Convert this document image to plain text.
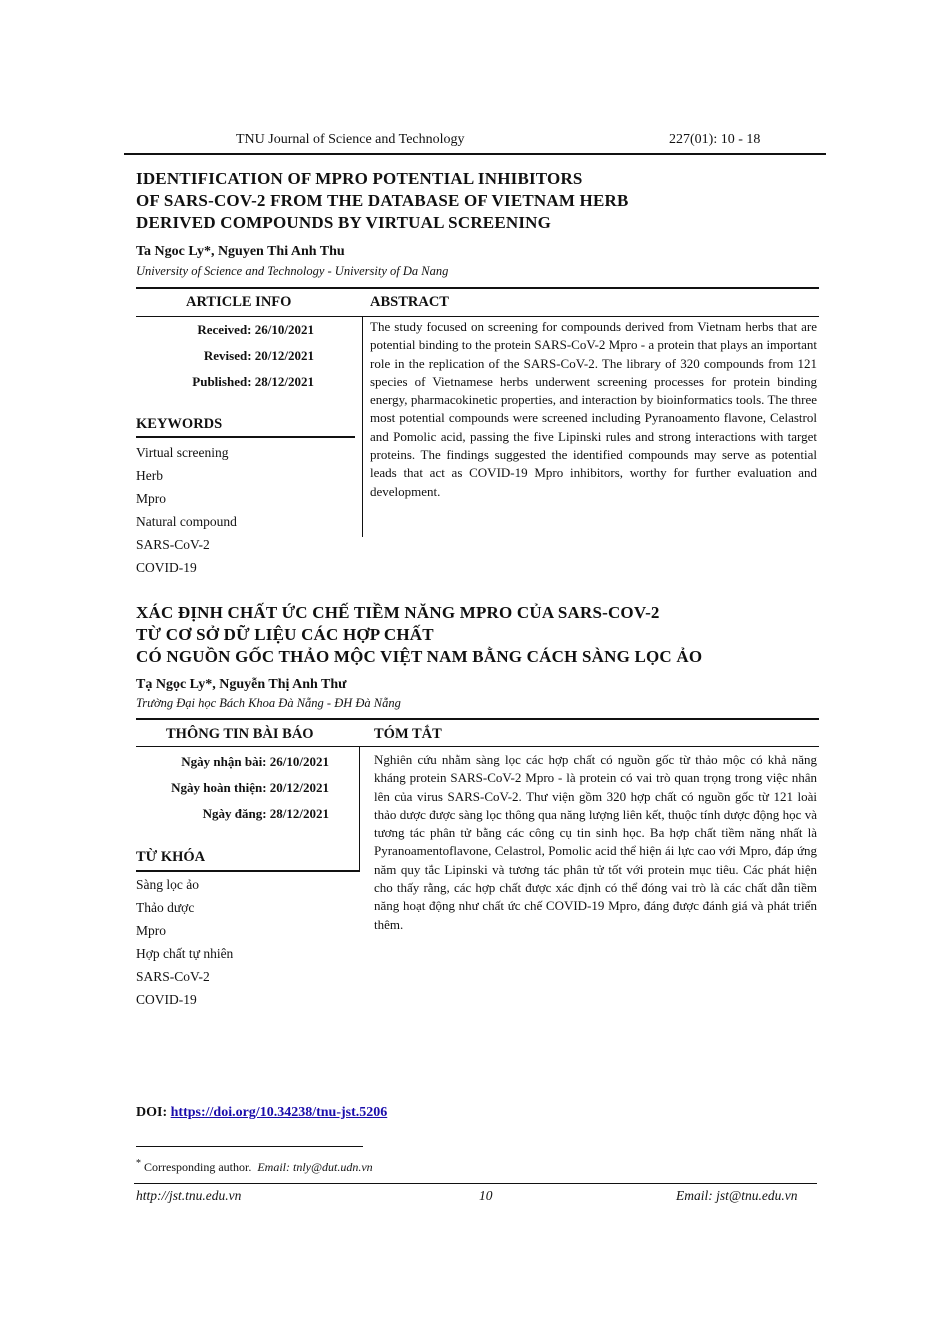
TNU Journal of Science and Technology	227(01): 10 - 18
IDENTIFICATION OF MPRO POTENTIAL INHIBITORS
OF SARS-COV-2 FROM THE DATABASE OF VIETNAM HERB
DERIVED COMPOUNDS BY VIRTUAL SCREENING
Ta Ngoc Ly*, Nguyen Thi Anh Thu
University of Science and Technology - University of Da Nang
ARTICLE INFO	ABSTRACT
Received: 26/10/2021
Revised: 20/12/2021
Published: 28/12/2021
KEYWORDS
Virtual screening
Herb
Mpro
Natural compound
SARS-CoV-2
COVID-19
The study focused on screening for compounds derived from Vietnam herbs that are potential binding to the protein SARS-CoV-2 Mpro - a protein that plays an important role in the replication of the SARS-CoV-2. The library of 320 compounds from 121 species of Vietnamese herbs underwent screening processes for protein binding energy, pharmacokinetic properties, and interaction by bioinformatics tools. The three most potential compounds were screened including Pyranoamento flavone, Celastrol and Pomolic acid, passing the five Lipinski rules and strong interactions with target proteins. The findings suggested the identified compounds may serve as potential leads that act as COVID-19 Mpro inhibitors, worthy for further evaluation and development.
XÁC ĐỊNH CHẤT ỨC CHẾ TIỀM NĂNG MPRO CỦA SARS-COV-2
TỪ CƠ SỞ DỮ LIỆU CÁC HỢP CHẤT
CÓ NGUỒN GỐC THẢO MỘC VIỆT NAM BẰNG CÁCH SÀNG LỌC ẢO
Tạ Ngọc Ly*, Nguyễn Thị Anh Thư
Trường Đại học Bách Khoa Đà Nẵng - ĐH Đà Nẵng
THÔNG TIN BÀI BÁO	TÓM TẮT
Ngày nhận bài: 26/10/2021
Ngày hoàn thiện: 20/12/2021
Ngày đăng: 28/12/2021
TỪ KHÓA
Sàng lọc ảo
Thảo dược
Mpro
Hợp chất tự nhiên
SARS-CoV-2
COVID-19
Nghiên cứu nhằm sàng lọc các hợp chất có nguồn gốc từ thảo mộc có khả năng kháng protein SARS-CoV-2 Mpro - là protein có vai trò quan trọng trong việc nhân lên của virus SARS-CoV-2. Thư viện gồm 320 hợp chất có nguồn gốc từ 121 loài thảo dược được sàng lọc thông qua năng lượng liên kết, thuộc tính dược động học và tương tác phân tử bằng các công cụ tin sinh học. Ba hợp chất tiềm năng nhất là Pyranoamentoflavone, Celastrol, Pomolic acid thể hiện ái lực cao với Mpro, đáp ứng năm quy tắc Lipinski và tương tác phân tử tốt với protein mục tiêu. Các phát hiện cho thấy rằng, các hợp chất được xác định có thể đóng vai trò là các chất dẫn tiềm năng hoạt động như chất ức chế COVID-19 Mpro, đáng được đánh giá và phát triển thêm.
DOI: https://doi.org/10.34238/tnu-jst.5206
* Corresponding author. Email: tnly@dut.udn.vn
http://jst.tnu.edu.vn	10	Email: jst@tnu.edu.vn
